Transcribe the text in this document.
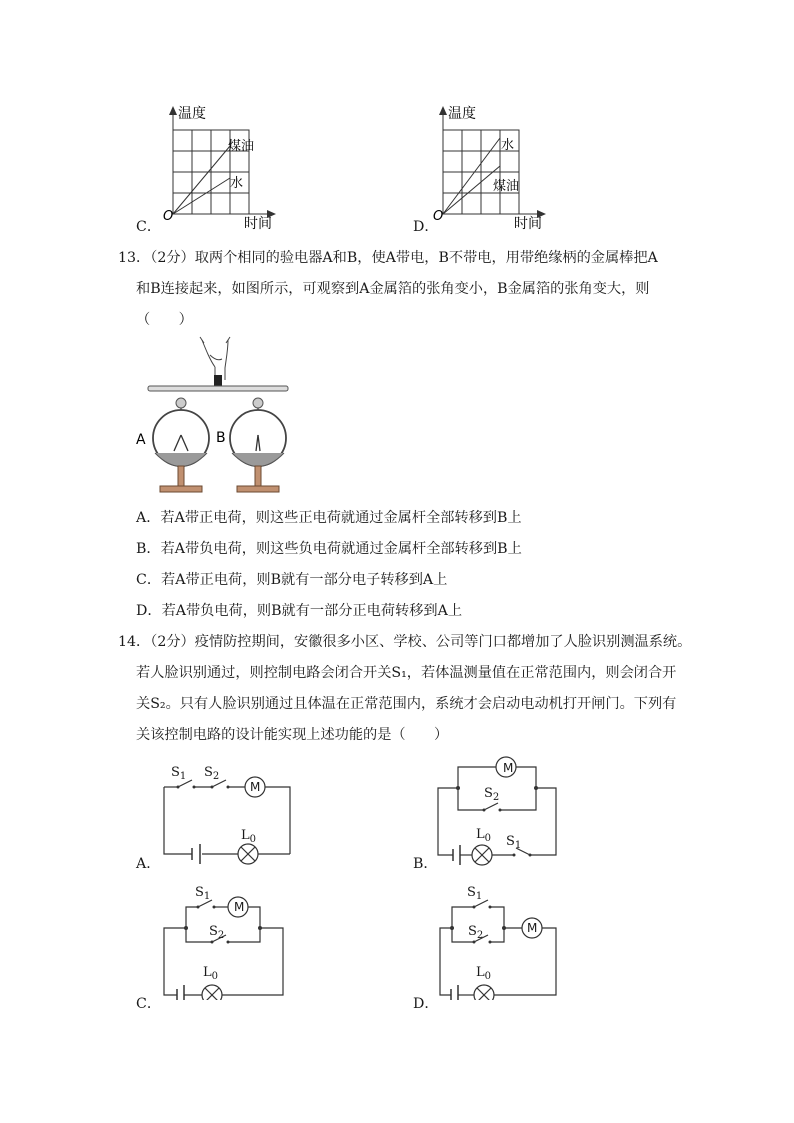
温度
时间
O
煤油
水
C．
温度
时间
O
水
煤油
D．
13．（2分）取两个相同的验电器A和B，使A带电，B不带电，用带绝缘柄的金属棒把A
和B连接起来，如图所示，可观察到A金属箔的张角变小，B金属箔的张角变大，则
（　　）
A	B
A．若A带正电荷，则这些正电荷就通过金属杆全部转移到B上
B．若A带负电荷，则这些负电荷就通过金属杆全部转移到B上
C．若A带正电荷，则B就有一部分电子转移到A上
D．若A带负电荷，则B就有一部分正电荷转移到A上
14．（2分）疫情防控期间，安徽很多小区、学校、公司等门口都增加了人脸识别测温系统。
若人脸识别通过，则控制电路会闭合开关S₁，若体温测量值在正常范围内，则会闭合开
关S₂。只有人脸识别通过且体温在正常范围内，系统才会启动电动机打开闸门。下列有
关该控制电路的设计能实现上述功能的是（　　）
$S_1$ $S_2$
M
$L_0$
A．
M
$S_2$
$L_0$ $S_1$
B．
$S_1$
M
$S_2$
$L_0$
C．
$S_1$
$S_2$
M
$L_0$
D．
